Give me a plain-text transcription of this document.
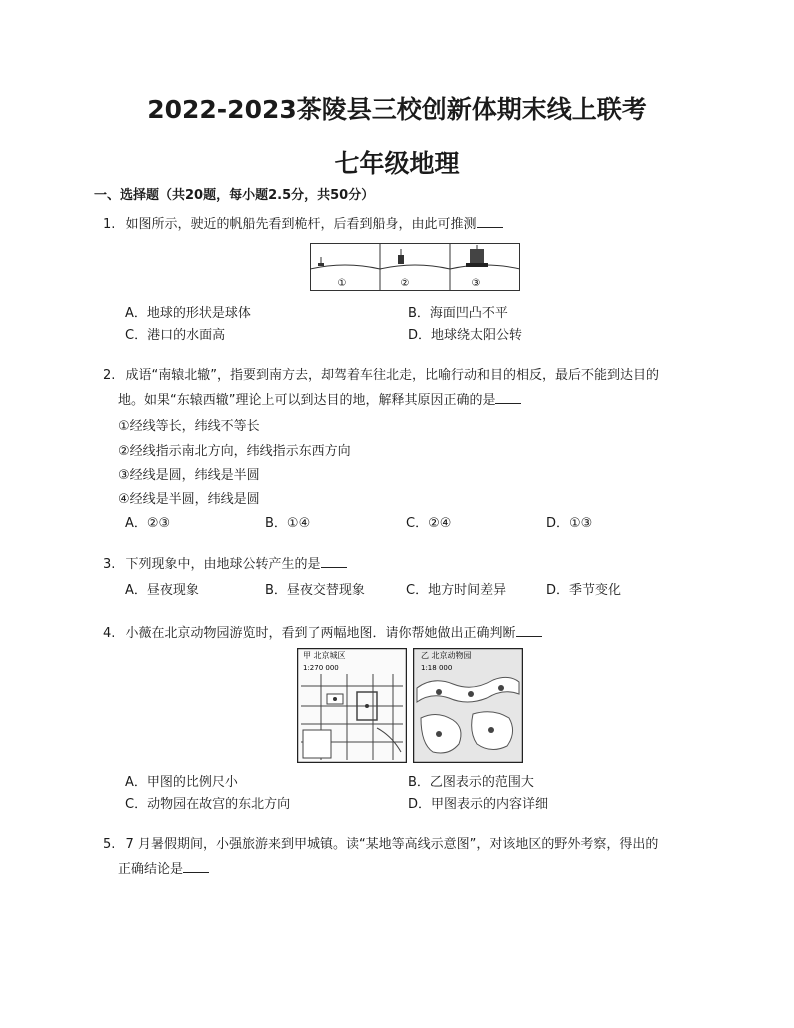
2022-2023茶陵县三校创新体期末线上联考
七年级地理
一、选择题（共20题，每小题2.5分，共50分）
1. 如图所示，驶近的帆船先看到桅杆，后看到船身，由此可推测
①	②	③
A．地球的形状是球体	B．海面凹凸不平
C．港口的水面高	D．地球绕太阳公转
2. 成语“南辕北辙”，指要到南方去，却驾着车往北走，比喻行动和目的相反，最后不能到达目的
地。如果“东辕西辙”理论上可以到达目的地，解释其原因正确的是
①经线等长，纬线不等长
②经线指示南北方向，纬线指示东西方向
③经线是圆，纬线是半圆
④经线是半圆，纬线是圆
A．②③	B．①④	C．②④	D．①③
3. 下列现象中，由地球公转产生的是
A．昼夜现象	B．昼夜交替现象	C．地方时间差异	D．季节变化
4. 小薇在北京动物园游览时，看到了两幅地图．请你帮她做出正确判断
甲 北京城区
1:270 000
乙 北京动物园
1:18 000
A．甲图的比例尺小	B．乙图表示的范围大
C．动物园在故宫的东北方向	D．甲图表示的内容详细
5. 7 月暑假期间，小强旅游来到甲城镇。读“某地等高线示意图”，对该地区的野外考察，得出的
正确结论是
